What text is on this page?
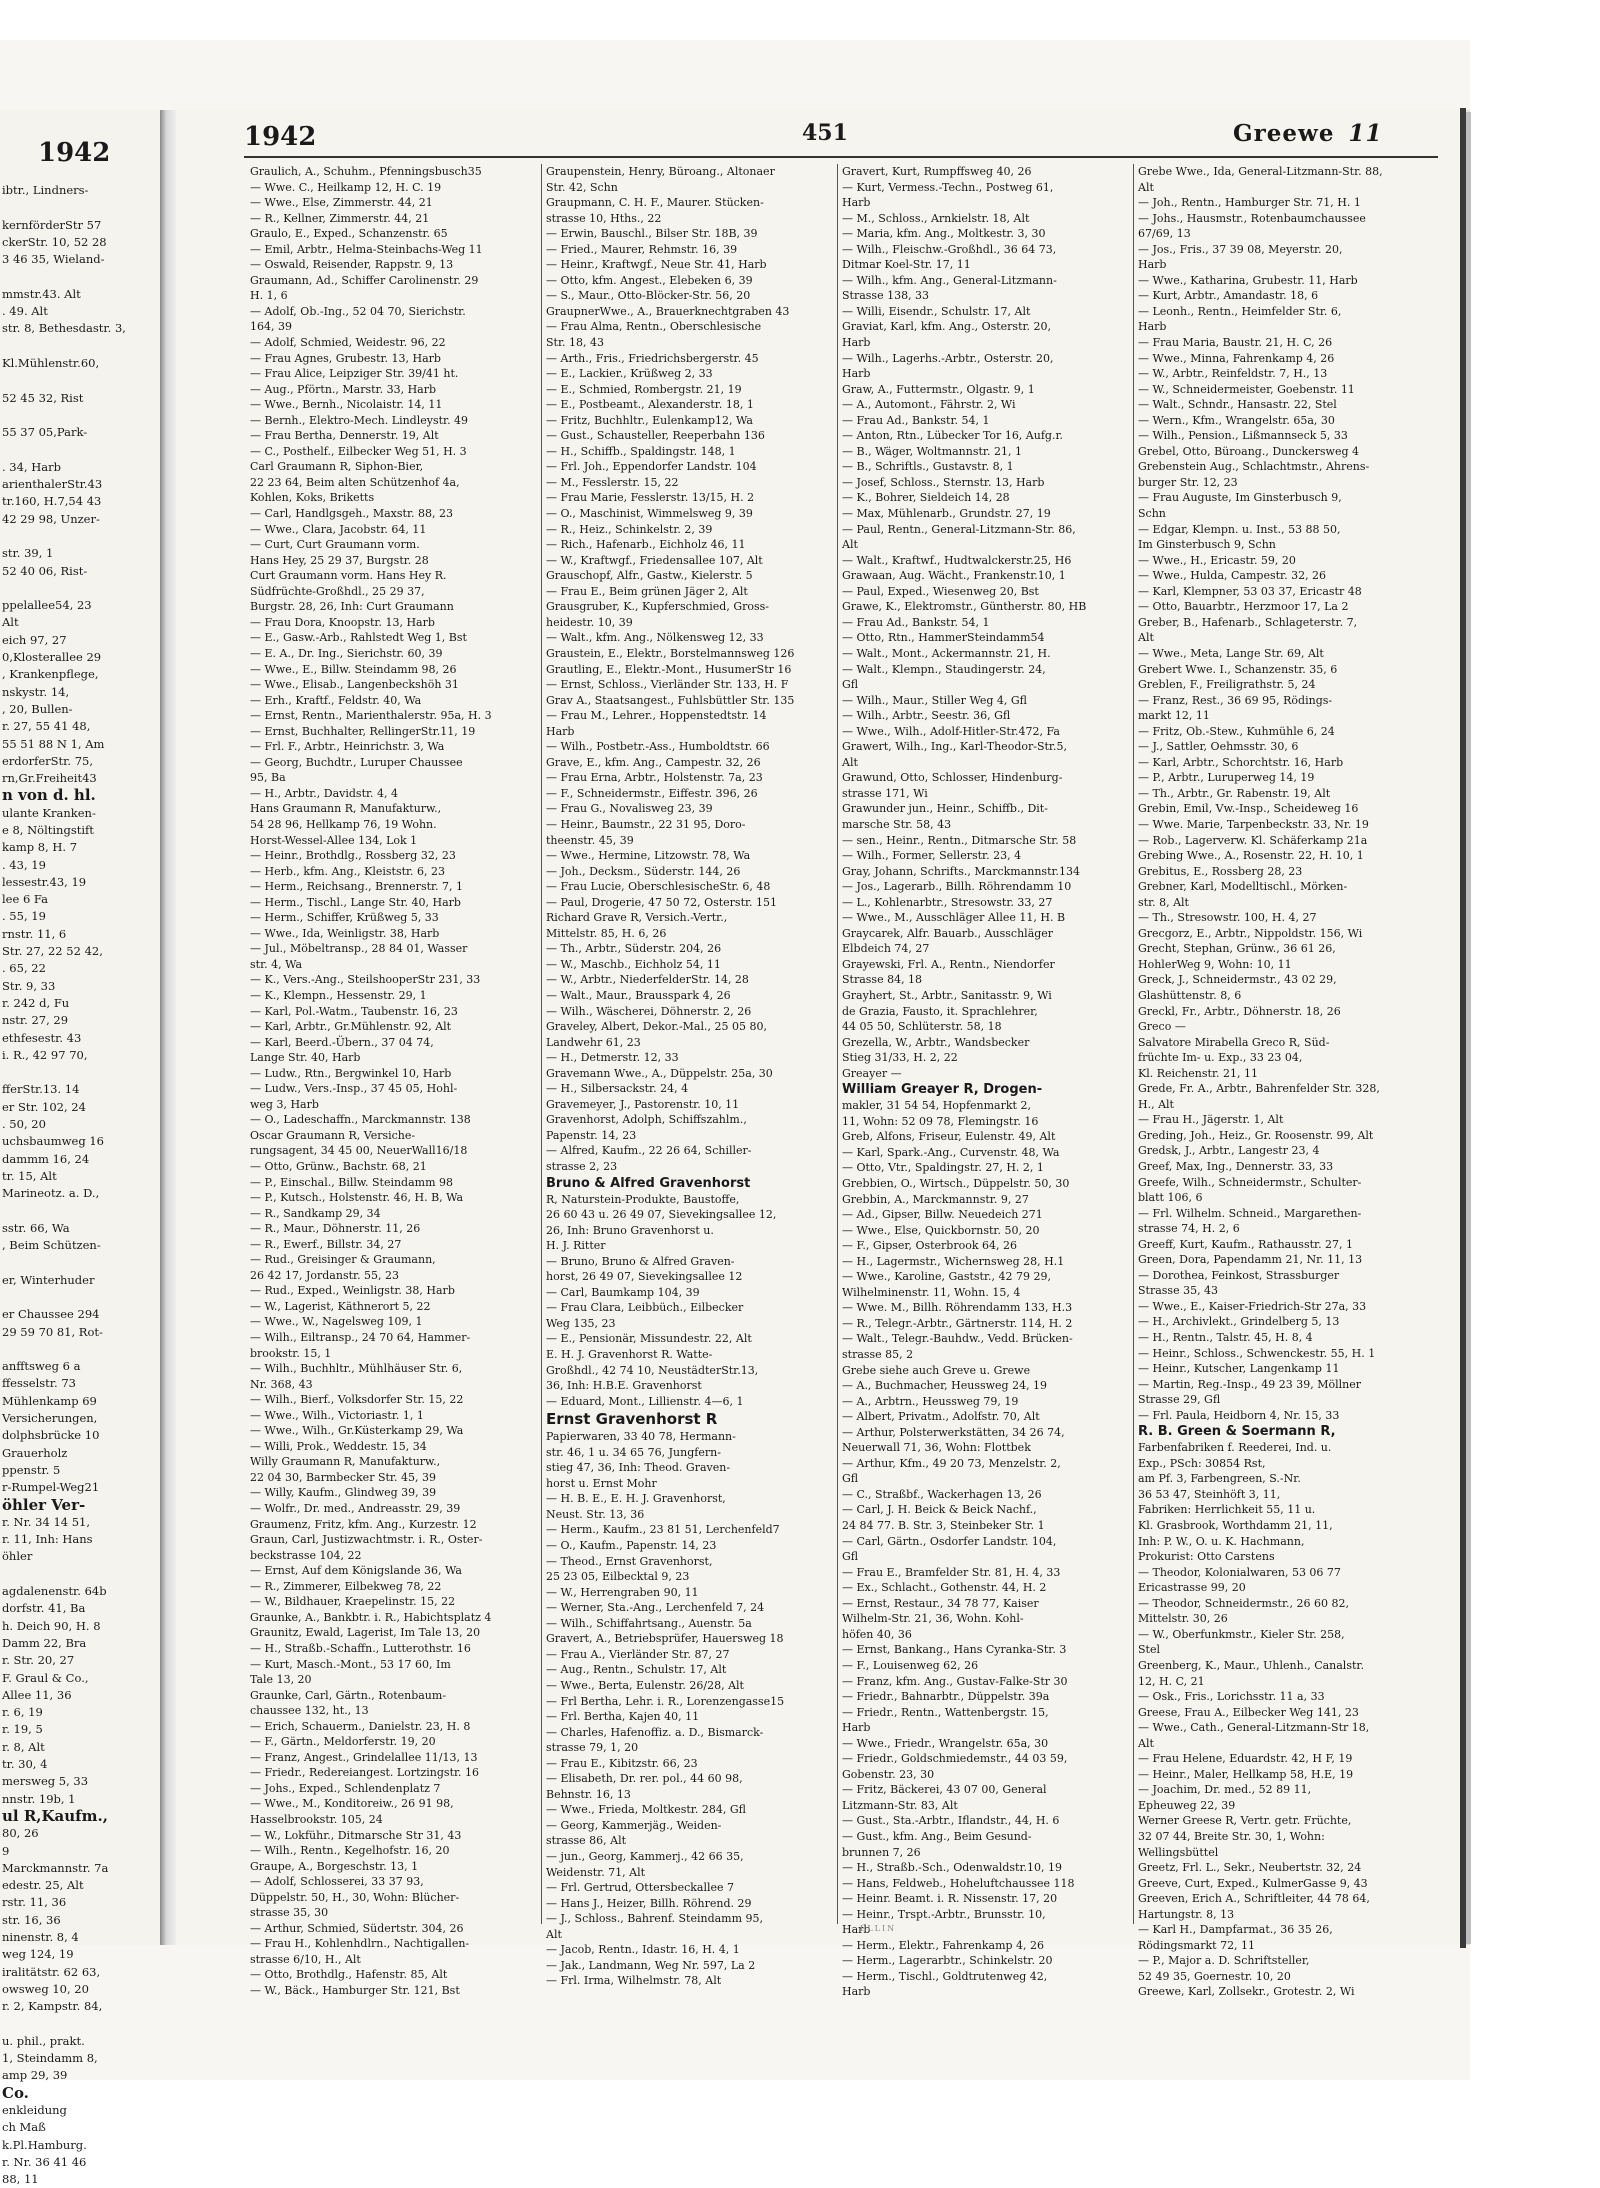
1942
ibtr., Lindners-

kernförderStr 57
ckerStr. 10, 52 28
3 46 35, Wieland-

mmstr.43. Alt
. 49. Alt
str. 8, Bethesdastr. 3,

Kl.Mühlenstr.60,

52 45 32, Rist

55 37 05,Park-

. 34, Harb
arienthalerStr.43
tr.160, H.7,54 43
42 29 98, Unzer-

str. 39, 1
52 40 06, Rist-

ppelallee54, 23
Alt
eich 97, 27
0,Klosterallee 29
, Krankenpflege,
nskystr. 14,
, 20, Bullen-
r. 27, 55 41 48,
55 51 88 N 1, Am
erdorferStr. 75,
rn,Gr.Freiheit43
n von d. hl.
ulante Kranken-
e 8, Nöltingstift
kamp 8, H. 7
. 43, 19
lessestr.43, 19
lee 6 Fa
. 55, 19
rnstr. 11, 6
Str. 27, 22 52 42,
. 65, 22
Str. 9, 33
r. 242 d, Fu
nstr. 27, 29
ethfesestr. 43
i. R., 42 97 70,

fferStr.13. 14
er Str. 102, 24
. 50, 20
uchsbaumweg 16
dammm 16, 24
tr. 15, Alt
Marineotz. a. D.,

sstr. 66, Wa
, Beim Schützen-

er, Winterhuder

er Chaussee 294
29 59 70 81, Rot-

anfftsweg 6 a
ffesselstr. 73
Mühlenkamp 69
Versicherungen,
dolphsbrücke 10
Grauerholz
ppenstr. 5
r-Rumpel-Weg21
öhler Ver-
r. Nr. 34 14 51,
r. 11, Inh: Hans
öhler

agdalenenstr. 64b
dorfstr. 41, Ba
h. Deich 90, H. 8
Damm 22, Bra
r. Str. 20, 27
F. Graul & Co.,
Allee 11, 36
r. 6, 19
r. 19, 5
r. 8, Alt
tr. 30, 4
mersweg 5, 33
nnstr. 19b, 1
ul R,Kaufm.,
80, 26
9
Marckmannstr. 7a
edestr. 25, Alt
rstr. 11, 36
str. 16, 36
ninenstr. 8, 4
weg 124, 19
iralitätstr. 62 63,
owsweg 10, 20
r. 2, Kampstr. 84,

u. phil., prakt.
1, Steindamm 8,
amp 29, 39
Co.
enkleidung
ch Maß
k.Pl.Hamburg.
r. Nr. 36 41 46
88, 11
1942	451	Greewe 11
Graulich, A., Schuhm., Pfenningsbusch35
— Wwe. C., Heilkamp 12, H. C. 19
— Wwe., Else, Zimmerstr. 44, 21
— R., Kellner, Zimmerstr. 44, 21
Graulo, E., Exped., Schanzenstr. 65
— Emil, Arbtr., Helma-Steinbachs-Weg 11
— Oswald, Reisender, Rappstr. 9, 13
Graumann, Ad., Schiffer Carolinenstr. 29
H. 1, 6
— Adolf, Ob.-Ing., 52 04 70, Sierichstr.
164, 39
— Adolf, Schmied, Weidestr. 96, 22
— Frau Agnes, Grubestr. 13, Harb
— Frau Alice, Leipziger Str. 39/41 ht.
— Aug., Pförtn., Marstr. 33, Harb
— Wwe., Bernh., Nicolaistr. 14, 11
— Bernh., Elektro-Mech. Lindleystr. 49
— Frau Bertha, Dennerstr. 19, Alt
— C., Posthelf., Eilbecker Weg 51, H. 3
Carl Graumann R, Siphon-Bier,
22 23 64, Beim alten Schützenhof 4a,
Kohlen, Koks, Briketts
— Carl, Handlgsgeh., Maxstr. 88, 23
— Wwe., Clara, Jacobstr. 64, 11
— Curt, Curt Graumann vorm.
Hans Hey, 25 29 37, Burgstr. 28
Curt Graumann vorm. Hans Hey R.
Südfrüchte-Großhdl., 25 29 37,
Burgstr. 28, 26, Inh: Curt Graumann
— Frau Dora, Knoopstr. 13, Harb
— E., Gasw.-Arb., Rahlstedt Weg 1, Bst
— E. A., Dr. Ing., Sierichstr. 60, 39
— Wwe., E., Billw. Steindamm 98, 26
— Wwe., Elisab., Langenbeckshöh 31
— Erh., Kraftf., Feldstr. 40, Wa
— Ernst, Rentn., Marienthalerstr. 95a, H. 3
— Ernst, Buchhalter, RellingerStr.11, 19
— Frl. F., Arbtr., Heinrichstr. 3, Wa
— Georg, Buchdtr., Luruper Chaussee
95, Ba
— H., Arbtr., Davidstr. 4, 4
Hans Graumann R, Manufakturw.,
54 28 96, Hellkamp 76, 19 Wohn.
Horst-Wessel-Allee 134, Lok 1
— Heinr., Brothdlg., Rossberg 32, 23
— Herb., kfm. Ang., Kleiststr. 6, 23
— Herm., Reichsang., Brennerstr. 7, 1
— Herm., Tischl., Lange Str. 40, Harb
— Herm., Schiffer, Krüßweg 5, 33
— Wwe., Ida, Weinligstr. 38, Harb
— Jul., Möbeltransp., 28 84 01, Wasser
str. 4, Wa
— K., Vers.-Ang., SteilshooperStr 231, 33
— K., Klempn., Hessenstr. 29, 1
— Karl, Pol.-Watm., Taubenstr. 16, 23
— Karl, Arbtr., Gr.Mühlenstr. 92, Alt
— Karl, Beerd.-Übern., 37 04 74,
Lange Str. 40, Harb
— Ludw., Rtn., Bergwinkel 10, Harb
— Ludw., Vers.-Insp., 37 45 05, Hohl-
weg 3, Harb
— O., Ladeschaffn., Marckmannstr. 138
Oscar Graumann R, Versiche-
rungsagent, 34 45 00, NeuerWall16/18
— Otto, Grünw., Bachstr. 68, 21
— P., Einschal., Billw. Steindamm 98
— P., Kutsch., Holstenstr. 46, H. B, Wa
— R., Sandkamp 29, 34
— R., Maur., Döhnerstr. 11, 26
— R., Ewerf., Billstr. 34, 27
— Rud., Greisinger & Graumann,
26 42 17, Jordanstr. 55, 23
— Rud., Exped., Weinligstr. 38, Harb
— W., Lagerist, Käthnerort 5, 22
— Wwe., W., Nagelsweg 109, 1
— Wilh., Eiltransp., 24 70 64, Hammer-
brookstr. 15, 1
— Wilh., Buchhltr., Mühlhäuser Str. 6,
Nr. 368, 43
— Wilh., Bierf., Volksdorfer Str. 15, 22
— Wwe., Wilh., Victoriastr. 1, 1
— Wwe., Wilh., Gr.Küsterkamp 29, Wa
— Willi, Prok., Weddestr. 15, 34
Willy Graumann R, Manufakturw.,
22 04 30, Barmbecker Str. 45, 39
— Willy, Kaufm., Glindweg 39, 39
— Wolfr., Dr. med., Andreasstr. 29, 39
Graumenz, Fritz, kfm. Ang., Kurzestr. 12
Graun, Carl, Justizwachtmstr. i. R., Oster-
beckstrasse 104, 22
— Ernst, Auf dem Königslande 36, Wa
— R., Zimmerer, Eilbekweg 78, 22
— W., Bildhauer, Kraepelinstr. 15, 22
Graunke, A., Bankbtr. i. R., Habichtsplatz 4
Graunitz, Ewald, Lagerist, Im Tale 13, 20
— H., Straßb.-Schaffn., Lutterothstr. 16
— Kurt, Masch.-Mont., 53 17 60, Im
Tale 13, 20
Graunke, Carl, Gärtn., Rotenbaum-
chaussee 132, ht., 13
— Erich, Schauerm., Danielstr. 23, H. 8
— F., Gärtn., Meldorferstr. 19, 20
— Franz, Angest., Grindelallee 11/13, 13
— Friedr., Redereiangest. Lortzingstr. 16
— Johs., Exped., Schlendenplatz 7
— Wwe., M., Konditoreiw., 26 91 98,
Hasselbrookstr. 105, 24
— W., Lokführ., Ditmarsche Str 31, 43
— Wilh., Rentn., Kegelhofstr. 16, 20
Graupe, A., Borgeschstr. 13, 1
— Adolf, Schlosserei, 33 37 93,
Düppelstr. 50, H., 30, Wohn: Blücher-
strasse 35, 30
— Arthur, Schmied, Südertstr. 304, 26
— Frau H., Kohlenhdlrn., Nachtigallen-
strasse 6/10, H., Alt
— Otto, Brothdlg., Hafenstr. 85, Alt
— W., Bäck., Hamburger Str. 121, Bst
Graupenstein, Henry, Büroang., Altonaer
Str. 42, Schn
Graupmann, C. H. F., Maurer. Stücken-
strasse 10, Hths., 22
— Erwin, Bauschl., Bilser Str. 18B, 39
— Fried., Maurer, Rehmstr. 16, 39
— Heinr., Kraftwgf., Neue Str. 41, Harb
— Otto, kfm. Angest., Elebeken 6, 39
— S., Maur., Otto-Blöcker-Str. 56, 20
GraupnerWwe., A., Brauerknechtgraben 43
— Frau Alma, Rentn., Oberschlesische
Str. 18, 43
— Arth., Fris., Friedrichsbergerstr. 45
— E., Lackier., Krüßweg 2, 33
— E., Schmied, Rombergstr. 21, 19
— E., Postbeamt., Alexanderstr. 18, 1
— Fritz, Buchhltr., Eulenkamp12, Wa
— Gust., Schausteller, Reeperbahn 136
— H., Schiffb., Spaldingstr. 148, 1
— Frl. Joh., Eppendorfer Landstr. 104
— M., Fesslerstr. 15, 22
— Frau Marie, Fesslerstr. 13/15, H. 2
— O., Maschinist, Wimmelsweg 9, 39
— R., Heiz., Schinkelstr. 2, 39
— Rich., Hafenarb., Eichholz 46, 11
— W., Kraftwgf., Friedensallee 107, Alt
Grauschopf, Alfr., Gastw., Kielerstr. 5
— Frau E., Beim grünen Jäger 2, Alt
Grausgruber, K., Kupferschmied, Gross-
heidestr. 10, 39
— Walt., kfm. Ang., Nölkensweg 12, 33
Graustein, E., Elektr., Borstelmannsweg 126
Grautling, E., Elektr.-Mont., HusumerStr 16
— Ernst, Schloss., Vierländer Str. 133, H. F
Grav A., Staatsangest., Fuhlsbüttler Str. 135
— Frau M., Lehrer., Hoppenstedtstr. 14
Harb
— Wilh., Postbetr.-Ass., Humboldtstr. 66
Grave, E., kfm. Ang., Campestr. 32, 26
— Frau Erna, Arbtr., Holstenstr. 7a, 23
— F., Schneidermstr., Eiffestr. 396, 26
— Frau G., Novalisweg 23, 39
— Heinr., Baumstr., 22 31 95, Doro-
theenstr. 45, 39
— Wwe., Hermine, Litzowstr. 78, Wa
— Joh., Decksm., Süderstr. 144, 26
— Frau Lucie, OberschlesischeStr. 6, 48
— Paul, Drogerie, 47 50 72, Osterstr. 151
Richard Grave R, Versich.-Vertr.,
Mittelstr. 85, H. 6, 26
— Th., Arbtr., Süderstr. 204, 26
— W., Maschb., Eichholz 54, 11
— W., Arbtr., NiederfelderStr. 14, 28
— Walt., Maur., Brausspark 4, 26
— Wilh., Wäscherei, Döhnerstr. 2, 26
Graveley, Albert, Dekor.-Mal., 25 05 80,
Landwehr 61, 23
— H., Detmerstr. 12, 33
Gravemann Wwe., A., Düppelstr. 25a, 30
— H., Silbersackstr. 24, 4
Gravemeyer, J., Pastorenstr. 10, 11
Gravenhorst, Adolph, Schiffszahlm.,
Papenstr. 14, 23
— Alfred, Kaufm., 22 26 64, Schiller-
strasse 2, 23
Bruno & Alfred Gravenhorst
R, Naturstein-Produkte, Baustoffe,
26 60 43 u. 26 49 07, Sievekingsallee 12,
26, Inh: Bruno Gravenhorst u.
H. J. Ritter
— Bruno, Bruno & Alfred Graven-
horst, 26 49 07, Sievekingsallee 12
— Carl, Baumkamp 104, 39
— Frau Clara, Leibbüch., Eilbecker
Weg 135, 23
— E., Pensionär, Missundestr. 22, Alt
E. H. J. Gravenhorst R. Watte-
Großhdl., 42 74 10, NeustädterStr.13,
36, Inh: H.B.E. Gravenhorst
— Eduard, Mont., Lillienstr. 4—6, 1
Ernst Gravenhorst R
Papierwaren, 33 40 78, Hermann-
str. 46, 1 u. 34 65 76, Jungfern-
stieg 47, 36, Inh: Theod. Graven-
horst u. Ernst Mohr
— H. B. E., E. H. J. Gravenhorst,
Neust. Str. 13, 36
— Herm., Kaufm., 23 81 51, Lerchenfeld7
— O., Kaufm., Papenstr. 14, 23
— Theod., Ernst Gravenhorst,
25 23 05, Eilbecktal 9, 23
— W., Herrengraben 90, 11
— Werner, Sta.-Ang., Lerchenfeld 7, 24
— Wilh., Schiffahrtsang., Auenstr. 5a
Gravert, A., Betriebsprüfer, Hauersweg 18
— Frau A., Vierländer Str. 87, 27
— Aug., Rentn., Schulstr. 17, Alt
— Wwe., Berta, Eulenstr. 26/28, Alt
— Frl Bertha, Lehr. i. R., Lorenzengasse15
— Frl. Bertha, Kajen 40, 11
— Charles, Hafenoffiz. a. D., Bismarck-
strasse 79, 1, 20
— Frau E., Kibitzstr. 66, 23
— Elisabeth, Dr. rer. pol., 44 60 98,
Behnstr. 16, 13
— Wwe., Frieda, Moltkestr. 284, Gfl
— Georg, Kammerjäg., Weiden-
strasse 86, Alt
— jun., Georg, Kammerj., 42 66 35,
Weidenstr. 71, Alt
— Frl. Gertrud, Ottersbeckallee 7
— Hans J., Heizer, Billh. Röhrend. 29
— J., Schloss., Bahrenf. Steindamm 95,
Alt
— Jacob, Rentn., Idastr. 16, H. 4, 1
— Jak., Landmann, Weg Nr. 597, La 2
— Frl. Irma, Wilhelmstr. 78, Alt
Gravert, Kurt, Rumpffsweg 40, 26
— Kurt, Vermess.-Techn., Postweg 61,
Harb
— M., Schloss., Arnkielstr. 18, Alt
— Maria, kfm. Ang., Moltkestr. 3, 30
— Wilh., Fleischw.-Großhdl., 36 64 73,
Ditmar Koel-Str. 17, 11
— Wilh., kfm. Ang., General-Litzmann-
Strasse 138, 33
— Willi, Eisendr., Schulstr. 17, Alt
Graviat, Karl, kfm. Ang., Osterstr. 20,
Harb
— Wilh., Lagerhs.-Arbtr., Osterstr. 20,
Harb
Graw, A., Futtermstr., Olgastr. 9, 1
— A., Automont., Fährstr. 2, Wi
— Frau Ad., Bankstr. 54, 1
— Anton, Rtn., Lübecker Tor 16, Aufg.r.
— B., Wäger, Woltmannstr. 21, 1
— B., Schriftls., Gustavstr. 8, 1
— Josef, Schloss., Sternstr. 13, Harb
— K., Bohrer, Sieldeich 14, 28
— Max, Mühlenarb., Grundstr. 27, 19
— Paul, Rentn., General-Litzmann-Str. 86,
Alt
— Walt., Kraftwf., Hudtwalckerstr.25, H6
Grawaan, Aug. Wächt., Frankenstr.10, 1
— Paul, Exped., Wiesenweg 20, Bst
Grawe, K., Elektromstr., Güntherstr. 80, HB
— Frau Ad., Bankstr. 54, 1
— Otto, Rtn., HammerSteindamm54
— Walt., Mont., Ackermannstr. 21, H.
— Walt., Klempn., Staudingerstr. 24,
Gfl
— Wilh., Maur., Stiller Weg 4, Gfl
— Wilh., Arbtr., Seestr. 36, Gfl
— Wwe., Wilh., Adolf-Hitler-Str.472, Fa
Grawert, Wilh., Ing., Karl-Theodor-Str.5,
Alt
Grawund, Otto, Schlosser, Hindenburg-
strasse 171, Wi
Grawunder jun., Heinr., Schiffb., Dit-
marsche Str. 58, 43
— sen., Heinr., Rentn., Ditmarsche Str. 58
— Wilh., Former, Sellerstr. 23, 4
Gray, Johann, Schrifts., Marckmannstr.134
— Jos., Lagerarb., Billh. Röhrendamm 10
— L., Kohlenarbtr., Stresowstr. 33, 27
— Wwe., M., Ausschläger Allee 11, H. B
Graycarek, Alfr. Bauarb., Ausschläger
Elbdeich 74, 27
Grayewski, Frl. A., Rentn., Niendorfer
Strasse 84, 18
Grayhert, St., Arbtr., Sanitasstr. 9, Wi
de Grazia, Fausto, it. Sprachlehrer,
44 05 50, Schlüterstr. 58, 18
Grezella, W., Arbtr., Wandsbecker
Stieg 31/33, H. 2, 22
Greayer —
William Greayer R, Drogen-
makler, 31 54 54, Hopfenmarkt 2,
11, Wohn: 52 09 78, Flemingstr. 16
Greb, Alfons, Friseur, Eulenstr. 49, Alt
— Karl, Spark.-Ang., Curvenstr. 48, Wa
— Otto, Vtr., Spaldingstr. 27, H. 2, 1
Grebbien, O., Wirtsch., Düppelstr. 50, 30
Grebbin, A., Marckmannstr. 9, 27
— Ad., Gipser, Billw. Neuedeich 271
— Wwe., Else, Quickbornstr. 50, 20
— F., Gipser, Osterbrook 64, 26
— H., Lagermstr., Wichernsweg 28, H.1
— Wwe., Karoline, Gaststr., 42 79 29,
Wilhelminenstr. 11, Wohn. 15, 4
— Wwe. M., Billh. Röhrendamm 133, H.3
— R., Telegr.-Arbtr., Gärtnerstr. 114, H. 2
— Walt., Telegr.-Bauhdw., Vedd. Brücken-
strasse 85, 2
Grebe siehe auch Greve u. Grewe
— A., Buchmacher, Heussweg 24, 19
— A., Arbtrn., Heussweg 79, 19
— Albert, Privatm., Adolfstr. 70, Alt
— Arthur, Polsterwerkstätten, 34 26 74,
Neuerwall 71, 36, Wohn: Flottbek
— Arthur, Kfm., 49 20 73, Menzelstr. 2,
Gfl
— C., Straßbf., Wackerhagen 13, 26
— Carl, J. H. Beick & Beick Nachf.,
24 84 77. B. Str. 3, Steinbeker Str. 1
— Carl, Gärtn., Osdorfer Landstr. 104,
Gfl
— Frau E., Bramfelder Str. 81, H. 4, 33
— Ex., Schlacht., Gothenstr. 44, H. 2
— Ernst, Restaur., 34 78 77, Kaiser
Wilhelm-Str. 21, 36, Wohn. Kohl-
höfen 40, 36
— Ernst, Bankang., Hans Cyranka-Str. 3
— F., Louisenweg 62, 26
— Franz, kfm. Ang., Gustav-Falke-Str 30
— Friedr., Bahnarbtr., Düppelstr. 39a
— Friedr., Rentn., Wattenbergstr. 15,
Harb
— Wwe., Friedr., Wrangelstr. 65a, 30
— Friedr., Goldschmiedemstr., 44 03 59,
Gobenstr. 23, 30
— Fritz, Bäckerei, 43 07 00, General
Litzmann-Str. 83, Alt
— Gust., Sta.-Arbtr., Iflandstr., 44, H. 6
— Gust., kfm. Ang., Beim Gesund-
brunnen 7, 26
— H., Straßb.-Sch., Odenwaldstr.10, 19
— Hans, Feldweb., Hoheluftchaussee 118
— Heinr. Beamt. i. R. Nissenstr. 17, 20
— Heinr., Trspt.-Arbtr., Brunsstr. 10,
Harb
— Herm., Elektr., Fahrenkamp 4, 26
— Herm., Lagerarbtr., Schinkelstr. 20
— Herm., Tischl., Goldtrutenweg 42,
Harb
Grebe Wwe., Ida, General-Litzmann-Str. 88,
Alt
— Joh., Rentn., Hamburger Str. 71, H. 1
— Johs., Hausmstr., Rotenbaumchaussee
67/69, 13
— Jos., Fris., 37 39 08, Meyerstr. 20,
Harb
— Wwe., Katharina, Grubestr. 11, Harb
— Kurt, Arbtr., Amandastr. 18, 6
— Leonh., Rentn., Heimfelder Str. 6,
Harb
— Frau Maria, Baustr. 21, H. C, 26
— Wwe., Minna, Fahrenkamp 4, 26
— W., Arbtr., Reinfeldstr. 7, H., 13
— W., Schneidermeister, Goebenstr. 11
— Walt., Schndr., Hansastr. 22, Stel
— Wern., Kfm., Wrangelstr. 65a, 30
— Wilh., Pension., Lißmannseck 5, 33
Grebel, Otto, Büroang., Dunckersweg 4
Grebenstein Aug., Schlachtmstr., Ahrens-
burger Str. 12, 23
— Frau Auguste, Im Ginsterbusch 9,
Schn
— Edgar, Klempn. u. Inst., 53 88 50,
Im Ginsterbusch 9, Schn
— Wwe., H., Ericastr. 59, 20
— Wwe., Hulda, Campestr. 32, 26
— Karl, Klempner, 53 03 37, Ericastr 48
— Otto, Bauarbtr., Herzmoor 17, La 2
Greber, B., Hafenarb., Schlageterstr. 7,
Alt
— Wwe., Meta, Lange Str. 69, Alt
Grebert Wwe. I., Schanzenstr. 35, 6
Greblen, F., Freiligrathstr. 5, 24
— Franz, Rest., 36 69 95, Rödings-
markt 12, 11
— Fritz, Ob.-Stew., Kuhmühle 6, 24
— J., Sattler, Oehmsstr. 30, 6
— Karl, Arbtr., Schorchtstr. 16, Harb
— P., Arbtr., Luruperweg 14, 19
— Th., Arbtr., Gr. Rabenstr. 19, Alt
Grebin, Emil, Vw.-Insp., Scheideweg 16
— Wwe. Marie, Tarpenbeckstr. 33, Nr. 19
— Rob., Lagerverw. Kl. Schäferkamp 21a
Grebing Wwe., A., Rosenstr. 22, H. 10, 1
Grebitus, E., Rossberg 28, 23
Grebner, Karl, Modelltischl., Mörken-
str. 8, Alt
— Th., Stresowstr. 100, H. 4, 27
Grecgorz, E., Arbtr., Nippoldstr. 156, Wi
Grecht, Stephan, Grünw., 36 61 26,
HohlerWeg 9, Wohn: 10, 11
Greck, J., Schneidermstr., 43 02 29,
Glashüttenstr. 8, 6
Greckl, Fr., Arbtr., Döhnerstr. 18, 26
Greco —
Salvatore Mirabella Greco R, Süd-
früchte Im- u. Exp., 33 23 04,
Kl. Reichenstr. 21, 11
Grede, Fr. A., Arbtr., Bahrenfelder Str. 328,
H., Alt
— Frau H., Jägerstr. 1, Alt
Greding, Joh., Heiz., Gr. Roosenstr. 99, Alt
Gredsk, J., Arbtr., Langestr 23, 4
Greef, Max, Ing., Dennerstr. 33, 33
Greefe, Wilh., Schneidermstr., Schulter-
blatt 106, 6
— Frl. Wilhelm. Schneid., Margarethen-
strasse 74, H. 2, 6
Greeff, Kurt, Kaufm., Rathausstr. 27, 1
Green, Dora, Papendamm 21, Nr. 11, 13
— Dorothea, Feinkost, Strassburger
Strasse 35, 43
— Wwe., E., Kaiser-Friedrich-Str 27a, 33
— H., Archivlekt., Grindelberg 5, 13
— H., Rentn., Talstr. 45, H. 8, 4
— Heinr., Schloss., Schwenckestr. 55, H. 1
— Heinr., Kutscher, Langenkamp 11
— Martin, Reg.-Insp., 49 23 39, Möllner
Strasse 29, Gfl
— Frl. Paula, Heidborn 4, Nr. 15, 33
R. B. Green & Soermann R,
Farbenfabriken f. Reederei, Ind. u.
Exp., PSch: 30854 Rst,
am Pf. 3, Farbengreen, S.-Nr.
36 53 47, Steinhöft 3, 11,
Fabriken: Herrlichkeit 55, 11 u.
Kl. Grasbrook, Worthdamm 21, 11,
Inh: P. W., O. u. K. Hachmann,
Prokurist: Otto Carstens
— Theodor, Kolonialwaren, 53 06 77
Ericastrasse 99, 20
— Theodor, Schneidermstr., 26 60 82,
Mittelstr. 30, 26
— W., Oberfunkmstr., Kieler Str. 258,
Stel
Greenberg, K., Maur., Uhlenh., Canalstr.
12, H. C, 21
— Osk., Fris., Lorichsstr. 11 a, 33
Greese, Frau A., Eilbecker Weg 141, 23
— Wwe., Cath., General-Litzmann-Str 18,
Alt
— Frau Helene, Eduardstr. 42, H F, 19
— Heinr., Maler, Hellkamp 58, H.E, 19
— Joachim, Dr. med., 52 89 11,
Epheuweg 22, 39
Werner Greese R, Vertr. getr. Früchte,
32 07 44, Breite Str. 30, 1, Wohn:
Wellingsbüttel
Greetz, Frl. L., Sekr., Neubertstr. 32, 24
Greeve, Curt, Exped., KulmerGasse 9, 43
Greeven, Erich A., Schriftleiter, 44 78 64,
Hartungstr. 8, 13
— Karl H., Dampfarmat., 36 35 26,
Rödingsmarkt 72, 11
— P., Major a. D. Schriftsteller,
52 49 35, Goernestr. 10, 20
Greewe, Karl, Zollsekr., Grotestr. 2, Wi
LLLIN
